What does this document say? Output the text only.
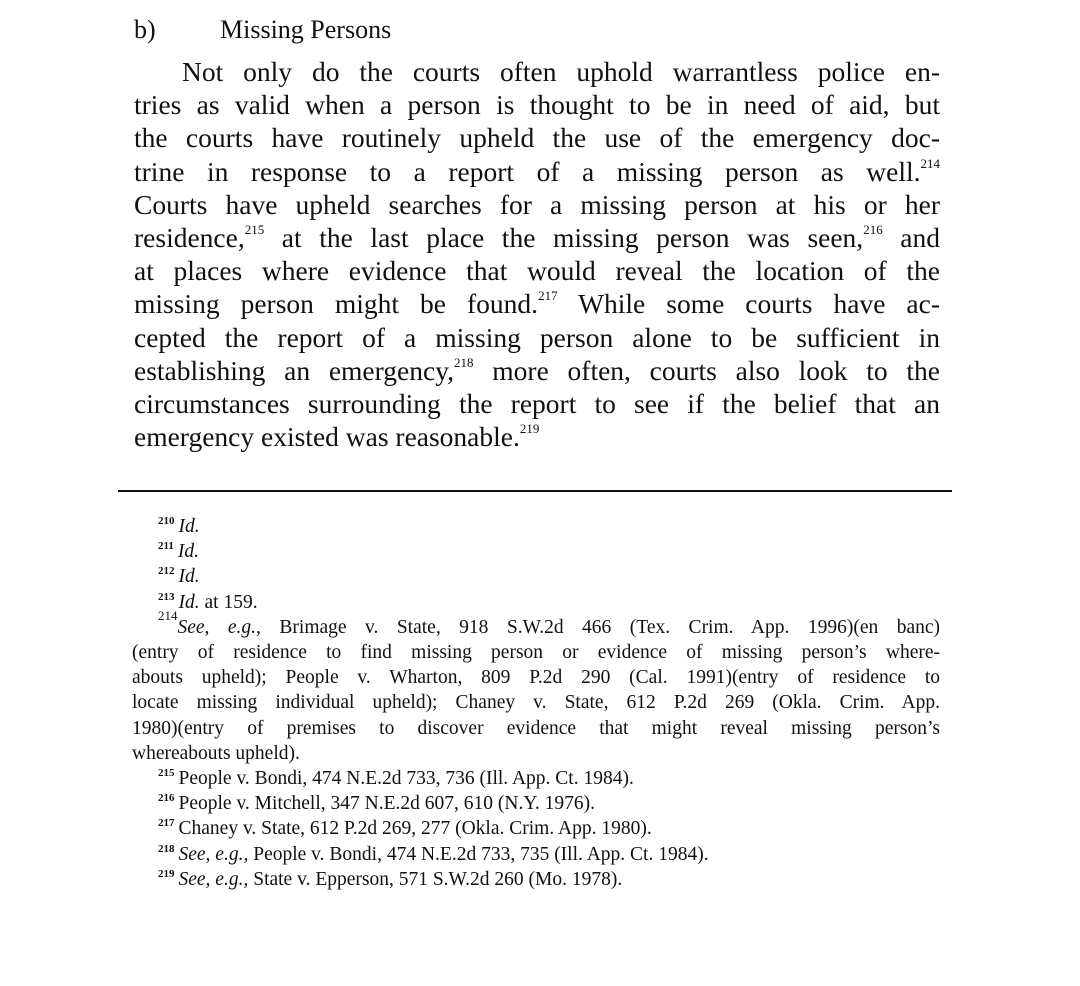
b) Missing Persons
Not only do the courts often uphold warrantless police en-
tries as valid when a person is thought to be in need of aid, but
the courts have routinely upheld the use of the emergency doc-
trine in response to a report of a missing person as well.$^{214}$
Courts have upheld searches for a missing person at his or her
residence,$^{215}$ at the last place the missing person was seen,$^{216}$ and
at places where evidence that would reveal the location of the
missing person might be found.$^{217}$ While some courts have ac-
cepted the report of a missing person alone to be sufficient in
establishing an emergency,$^{218}$ more often, courts also look to the
circumstances surrounding the report to see if the belief that an
emergency existed was reasonable.$^{219}$
$^{210}$ Id.
$^{211}$ Id.
$^{212}$ Id.
$^{213}$ Id. at 159.
$^{214}$See, e.g., Brimage v. State, 918 S.W.2d 466 (Tex. Crim. App. 1996)(en banc)
(entry of residence to find missing person or evidence of missing person’s where-
abouts upheld); People v. Wharton, 809 P.2d 290 (Cal. 1991)(entry of residence to
locate missing individual upheld); Chaney v. State, 612 P.2d 269 (Okla. Crim. App.
1980)(entry of premises to discover evidence that might reveal missing person’s
whereabouts upheld).
$^{215}$ People v. Bondi, 474 N.E.2d 733, 736 (Ill. App. Ct. 1984).
$^{216}$ People v. Mitchell, 347 N.E.2d 607, 610 (N.Y. 1976).
$^{217}$ Chaney v. State, 612 P.2d 269, 277 (Okla. Crim. App. 1980).
$^{218}$ See, e.g., People v. Bondi, 474 N.E.2d 733, 735 (Ill. App. Ct. 1984).
$^{219}$ See, e.g., State v. Epperson, 571 S.W.2d 260 (Mo. 1978).
